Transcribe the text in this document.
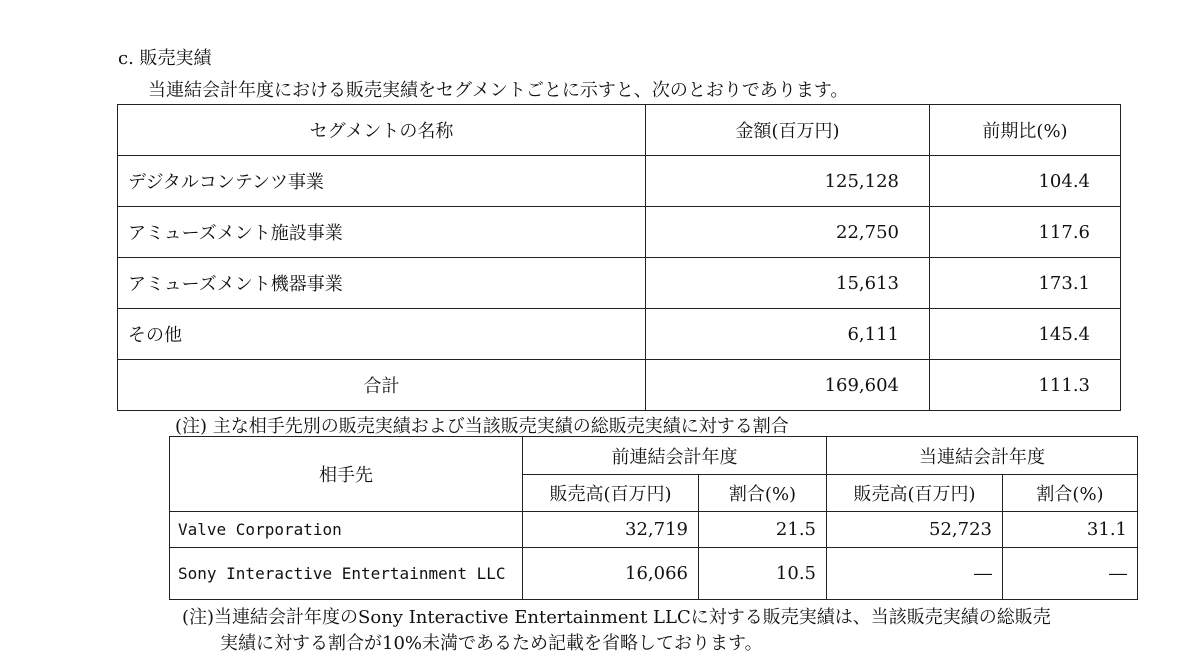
c. 販売実績
当連結会計年度における販売実績をセグメントごとに示すと、次のとおりであります。
セグメントの名称	金額(百万円)	前期比(%)
デジタルコンテンツ事業	125,128	104.4
アミューズメント施設事業	22,750	117.6
アミューズメント機器事業	15,613	173.1
その他	6,111	145.4
合計	169,604	111.3
(注) 主な相手先別の販売実績および当該販売実績の総販売実績に対する割合
相手先	前連結会計年度		当連結会計年度	
	販売高(百万円)	割合(%)	販売高(百万円)	割合(%)
Valve Corporation	32,719	21.5	52,723	31.1
Sony Interactive Entertainment LLC	16,066	10.5	―	―
(注)当連結会計年度のSony Interactive Entertainment LLCに対する販売実績は、当該販売実績の総販売
実績に対する割合が10%未満であるため記載を省略しております。
